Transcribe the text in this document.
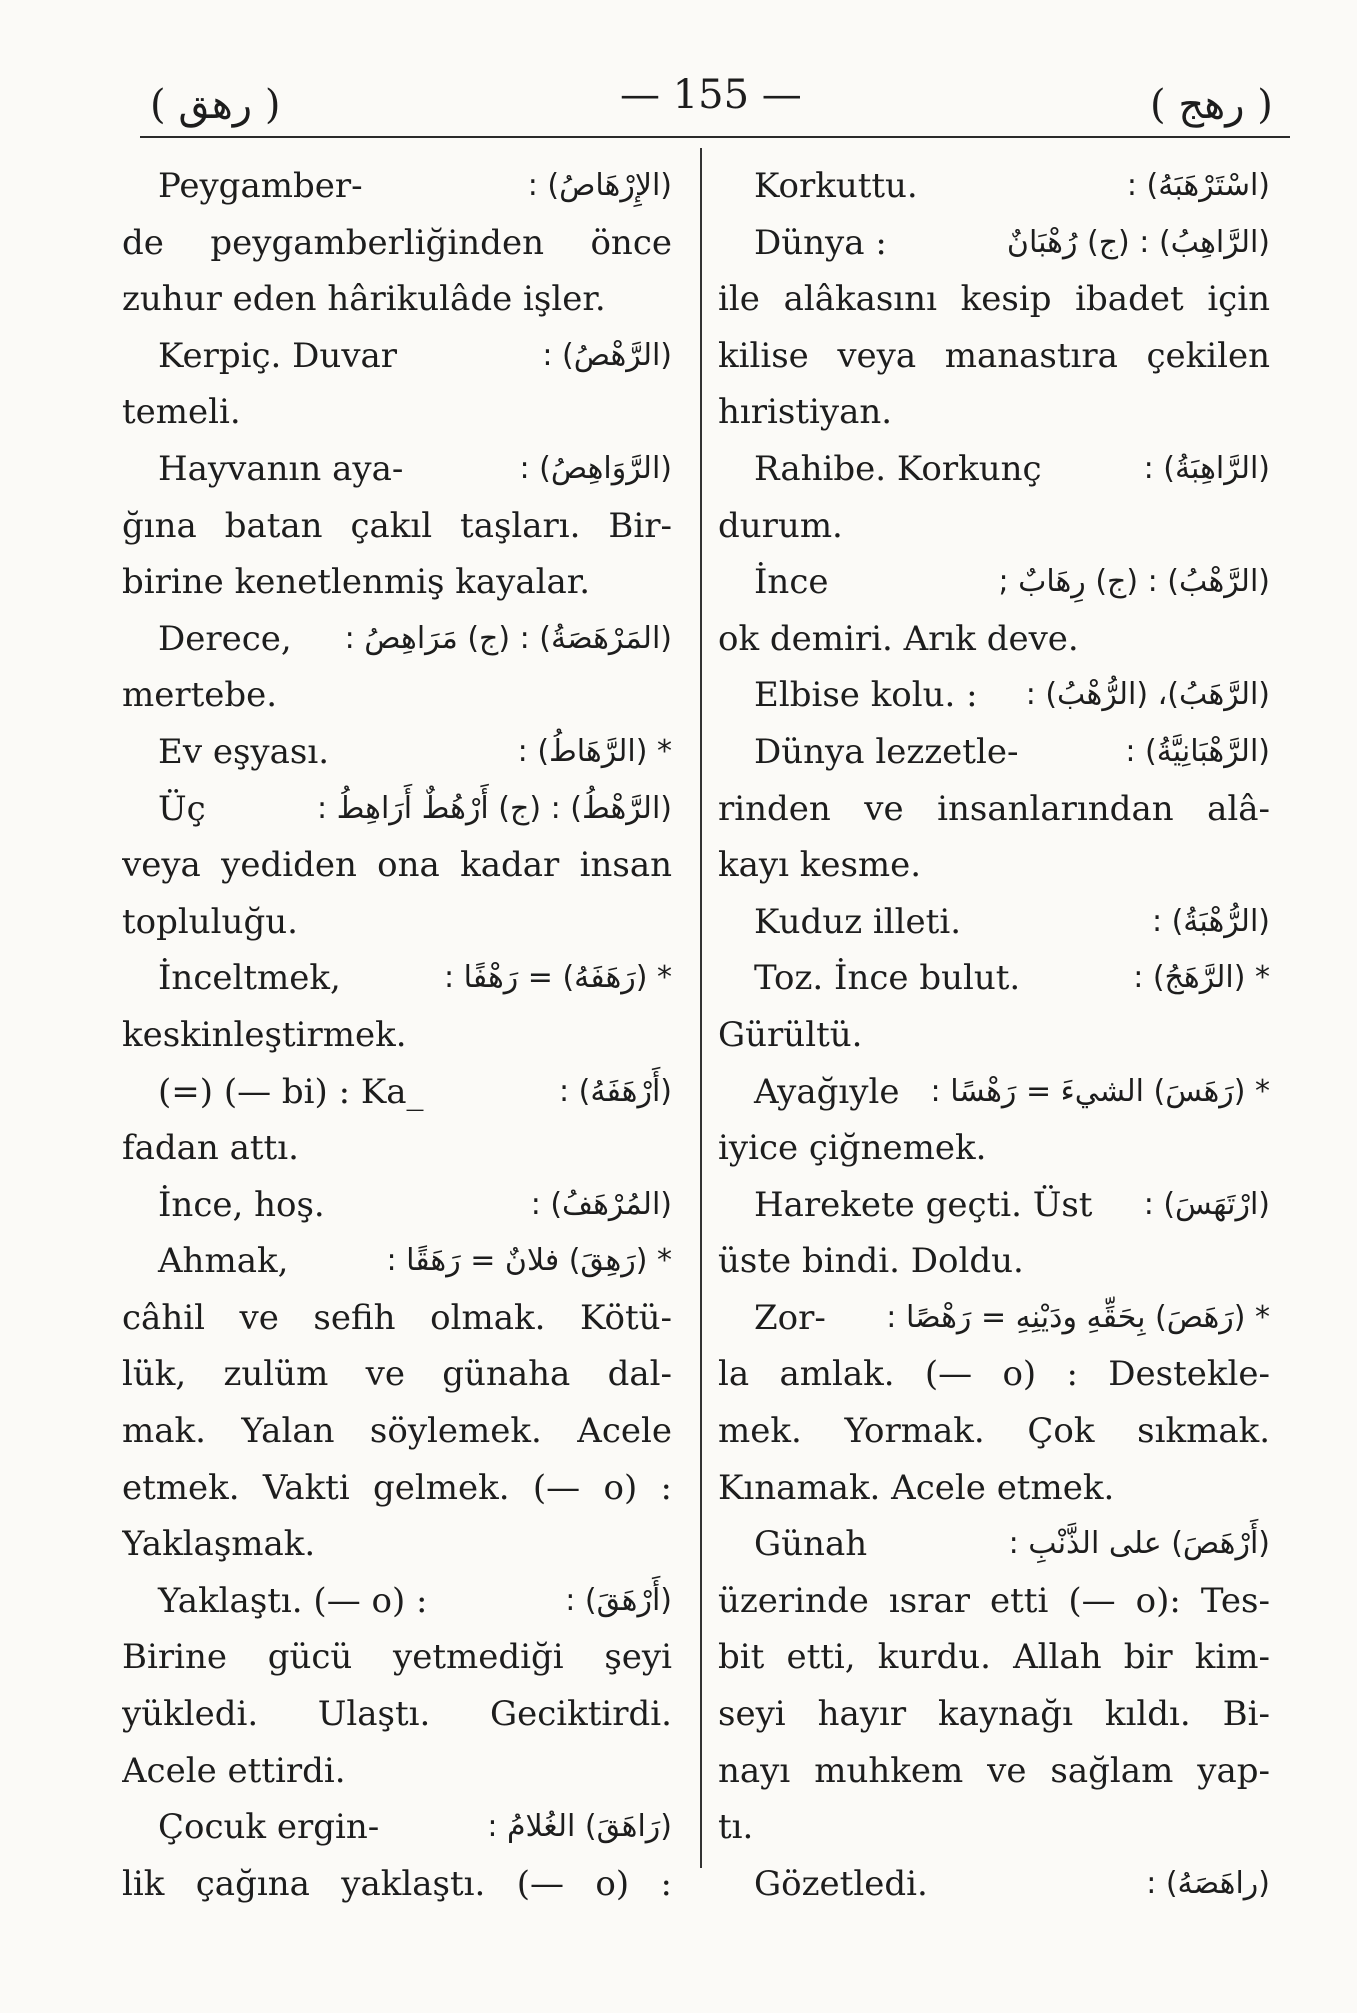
( رهق )	— 155 —	( رهج )
Peygamber-	(الإِرْهَاصُ) :
de peygamberliğinden önce
zuhur eden hârikulâde işler.
Kerpiç. Duvar	(الرَّهْصُ) :
temeli.
Hayvanın aya-	(الرَّوَاهِصُ) :
ğına batan çakıl taşları. Bir-
birine kenetlenmiş kayalar.
Derece, (المَرْهَصَةُ) : (ج) مَرَاهِصُ :
mertebe.
Ev eşyası.	* (الرَّهَاطُ) :
Üç	(الرَّهْطُ) : (ج) أَرْهُطٌ أَرَاهِطُ :
veya yediden ona kadar insan
topluluğu.
İnceltmek,	* (رَهَفَهُ) = رَهْفًا :
keskinleştirmek.
(=) (— bi) : Ka_	(أَرْهَفَهُ) :
fadan attı.
İnce, hoş.	(المُرْهَفُ) :
Ahmak,	* (رَهِقَ) فلانٌ = رَهَقًا :
câhil ve sefih olmak. Kötü-
lük, zulüm ve günaha dal-
mak. Yalan söylemek. Acele
etmek. Vakti gelmek. (— o) :
Yaklaşmak.
Yaklaştı. (— o) :	(أَرْهَقَ) :
Birine gücü yetmediği şeyi
yükledi. Ulaştı. Geciktirdi.
Acele ettirdi.
Çocuk ergin-	(رَاهَقَ) الغُلامُ :
lik çağına yaklaştı. (— o) :
Korkuttu.	(اسْتَرْهَبَهُ) :
Dünya :	(الرَّاهِبُ) : (ج) رُهْبَانٌ
ile alâkasını kesip ibadet için
kilise veya manastıra çekilen
hıristiyan.
Rahibe. Korkunç	(الرَّاهِبَةُ) :
durum.
İnce	(الرَّهْبُ) : (ج) رِهَابٌ ;
ok demiri. Arık deve.
Elbise kolu. : (الرَّهَبُ)، (الرُّهْبُ) :
Dünya lezzetle-	(الرَّهْبَانِيَّةُ) :
rinden ve insanlarından alâ-
kayı kesme.
Kuduz illeti.	(الرُّهْبَةُ) :
Toz. İnce bulut.	* (الرَّهَجُ) :
Gürültü.
Ayağıyle * (رَهَسَ) الشيءَ = رَهْسًا :
iyice çiğnemek.
Harekete geçti. Üst (ارْتَهَسَ) :
üste bindi. Doldu.
Zor- * (رَهَصَ) بِحَقِّهِ ودَيْنِهِ = رَهْصًا :
la amlak. (— o) : Destekle-
mek. Yormak. Çok sıkmak.
Kınamak. Acele etmek.
Günah	(أَرْهَصَ) على الذَّنْبِ :
üzerinde ısrar etti (— o): Tes-
bit etti, kurdu. Allah bir kim-
seyi hayır kaynağı kıldı. Bi-
nayı muhkem ve sağlam yap-
tı.
Gözetledi.	(راهَصَهُ) :
